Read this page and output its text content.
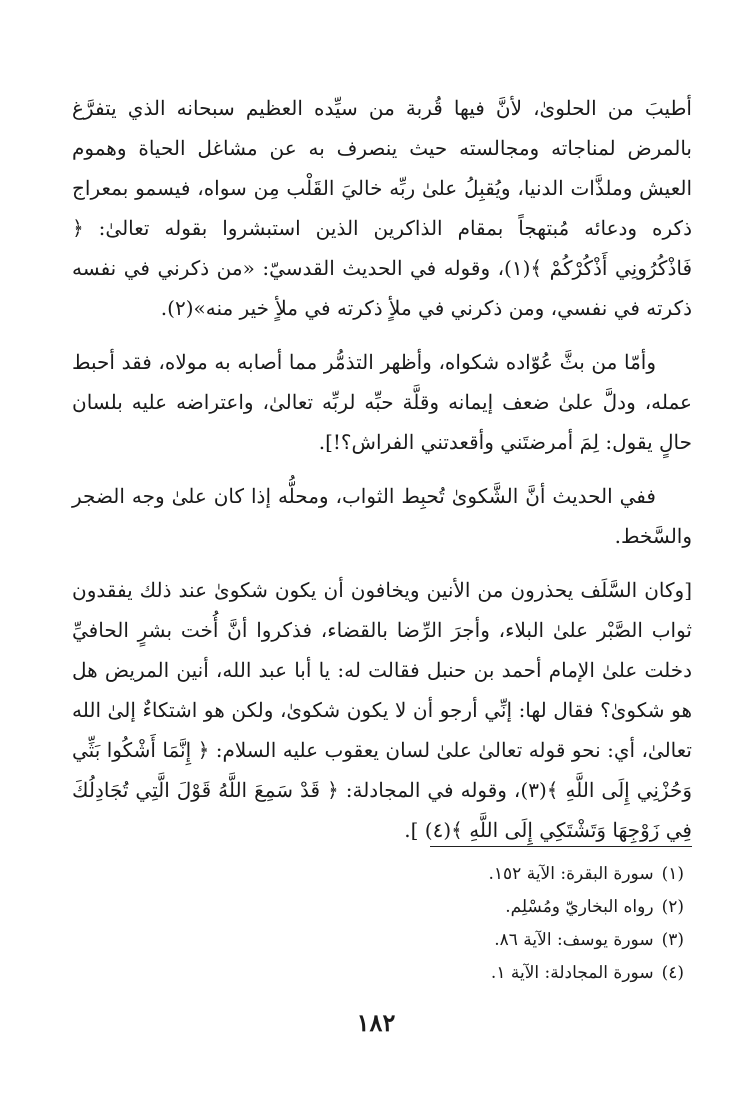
أطيبَ من الحلوىٰ، لأنَّ فيها قُربة من سيِّده العظيم سبحانه الذي يتفرَّغ بالمرض لمناجاته ومجالسته حيث ينصرف به عن مشاغل الحياة وهموم العيش وملذَّات الدنيا، ويُقبِلُ علىٰ ربِّه خاليَ القَلْب مِن سواه، فيسمو بمعراج ذكره ودعائه مُبتهجاً بمقام الذاكرين الذين استبشروا بقوله تعالىٰ: ﴿ فَاذْكُرُونِي أَذْكُرْكُمْ ﴾(١)، وقوله في الحديث القدسيّ: «من ذكرني في نفسه ذكرته في نفسي، ومن ذكرني في ملأٍ ذكرته في ملأٍ خير منه»(٢).

وأمّا من بثَّ عُوّاده شكواه، وأظهر التذمُّر مما أصابه به مولاه، فقد أحبط عمله، ودلَّ علىٰ ضعف إيمانه وقلَّة حبِّه لربِّه تعالىٰ، واعتراضه عليه بلسان حالٍ يقول: لِمَ أمرضتَني وأقعدتني الفراش؟!].

ففي الحديث أنَّ الشَّكوىٰ تُحبِط الثواب، ومحلُّه إذا كان علىٰ وجه الضجر والسَّخط.

[وكان السَّلَف يحذرون من الأنين ويخافون أن يكون شكوىٰ عند ذلك يفقدون ثواب الصَّبْر علىٰ البلاء، وأجرَ الرِّضا بالقضاء، فذكروا أنَّ أُخت بشرٍ الحافيِّ دخلت علىٰ الإمام أحمد بن حنبل فقالت له: يا أبا عبد الله، أنين المريض هل هو شكوىٰ؟ فقال لها: إنِّي أرجو أن لا يكون شكوىٰ، ولكن هو اشتكاءٌ إلىٰ الله تعالىٰ، أي: نحو قوله تعالىٰ علىٰ لسان يعقوب عليه السلام: ﴿ إِنَّمَا أَشْكُوا بَثِّي وَحُزْنِي إِلَى اللَّهِ ﴾(٣)، وقوله في المجادلة: ﴿ قَدْ سَمِعَ اللَّهُ قَوْلَ الَّتِي تُجَادِلُكَ فِي زَوْجِهَا وَتَشْتَكِي إِلَى اللَّهِ ﴾(٤) ].

(١)سورة البقرة: الآية ١٥٢.
(٢)رواه البخاريّ ومُسْلِم.
(٣)سورة يوسف: الآية ٨٦.
(٤)سورة المجادلة: الآية ١.
١٨٢
